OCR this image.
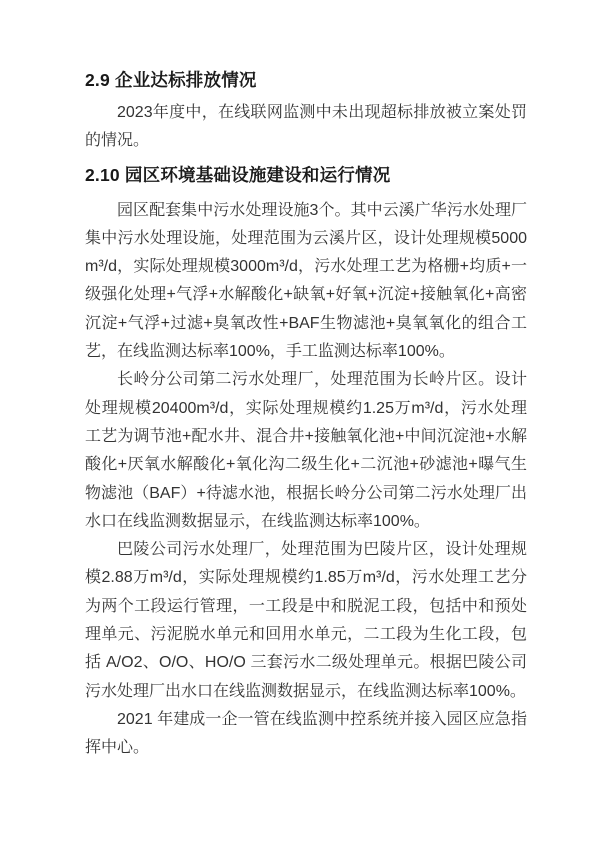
2.9 企业达标排放情况

2023年度中，在线联网监测中未出现超标排放被立案处罚的情况。

2.10 园区环境基础设施建设和运行情况

园区配套集中污水处理设施3个。其中云溪广华污水处理厂集中污水处理设施，处理范围为云溪片区，设计处理规模5000m³/d，实际处理规模3000m³/d，污水处理工艺为格栅+均质+一级强化处理+气浮+水解酸化+缺氧+好氧+沉淀+接触氧化+高密沉淀+气浮+过滤+臭氧改性+BAF生物滤池+臭氧氧化的组合工艺，在线监测达标率100%，手工监测达标率100%。

长岭分公司第二污水处理厂，处理范围为长岭片区。设计处理规模20400m³/d，实际处理规模约1.25万m³/d，污水处理工艺为调节池+配水井、混合井+接触氧化池+中间沉淀池+水解酸化+厌氧水解酸化+氧化沟二级生化+二沉池+砂滤池+曝气生物滤池（BAF）+待滤水池，根据长岭分公司第二污水处理厂出水口在线监测数据显示，在线监测达标率100%。

巴陵公司污水处理厂，处理范围为巴陵片区，设计处理规模2.88万m³/d，实际处理规模约1.85万m³/d，污水处理工艺分为两个工段运行管理，一工段是中和脱泥工段，包括中和预处理单元、污泥脱水单元和回用水单元，二工段为生化工段，包括 A/O2、O/O、HO/O 三套污水二级处理单元。根据巴陵公司污水处理厂出水口在线监测数据显示，在线监测达标率100%。

2021 年建成一企一管在线监测中控系统并接入园区应急指挥中心。
